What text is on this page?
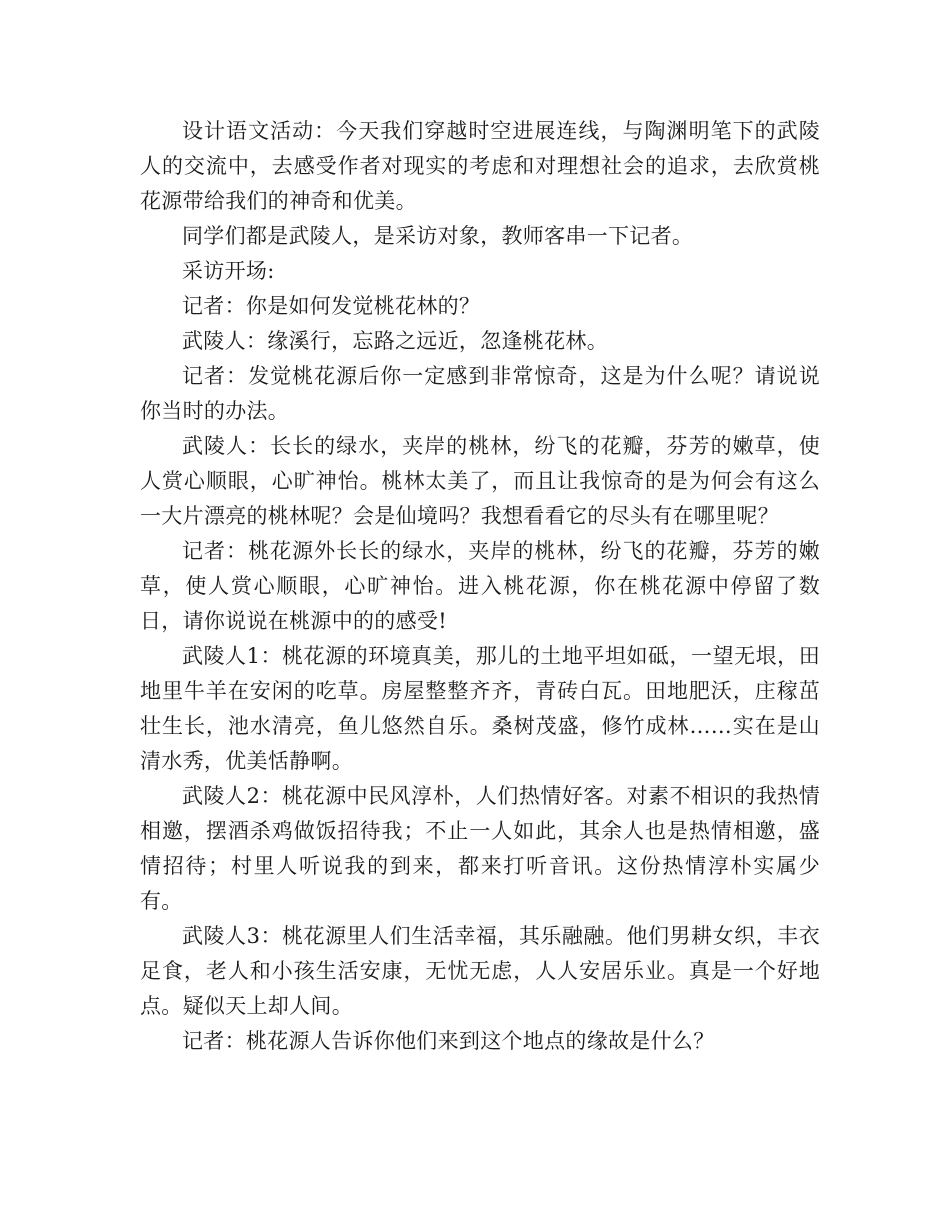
设计语文活动：今天我们穿越时空进展连线，与陶渊明笔下的武陵人的交流中，去感受作者对现实的考虑和对理想社会的追求，去欣赏桃花源带给我们的神奇和优美。

同学们都是武陵人，是采访对象，教师客串一下记者。

采访开场:

记者：你是如何发觉桃花林的？

武陵人：缘溪行，忘路之远近，忽逢桃花林。

记者：发觉桃花源后你一定感到非常惊奇，这是为什么呢？请说说你当时的办法。

武陵人：长长的绿水，夹岸的桃林，纷飞的花瓣，芬芳的嫩草，使人赏心顺眼，心旷神怡。桃林太美了，而且让我惊奇的是为何会有这么一大片漂亮的桃林呢？会是仙境吗？我想看看它的尽头有在哪里呢？

记者：桃花源外长长的绿水，夹岸的桃林，纷飞的花瓣，芬芳的嫩草，使人赏心顺眼，心旷神怡。进入桃花源，你在桃花源中停留了数日，请你说说在桃源中的的感受!

武陵人1：桃花源的环境真美，那儿的土地平坦如砥，一望无垠，田地里牛羊在安闲的吃草。房屋整整齐齐，青砖白瓦。田地肥沃，庄稼茁壮生长，池水清亮，鱼儿悠然自乐。桑树茂盛，修竹成林……实在是山清水秀，优美恬静啊。

武陵人2：桃花源中民风淳朴，人们热情好客。对素不相识的我热情相邀，摆酒杀鸡做饭招待我；不止一人如此，其余人也是热情相邀，盛情招待；村里人听说我的到来，都来打听音讯。这份热情淳朴实属少有。

武陵人3：桃花源里人们生活幸福，其乐融融。他们男耕女织，丰衣足食，老人和小孩生活安康，无忧无虑，人人安居乐业。真是一个好地点。疑似天上却人间。

记者：桃花源人告诉你他们来到这个地点的缘故是什么？
